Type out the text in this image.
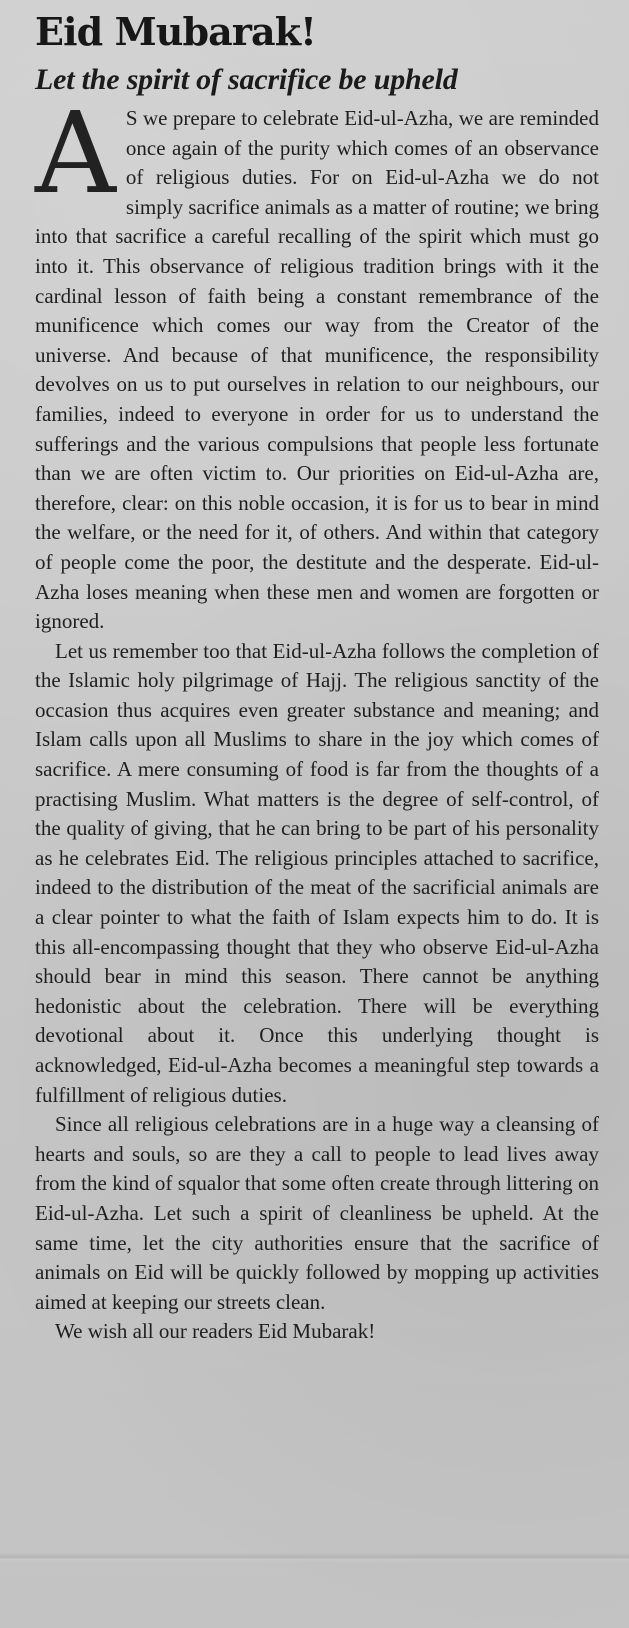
Eid Mubarak!
Let the spirit of sacrifice be upheld

A S we prepare to celebrate Eid-ul-Azha, we are reminded once again of the purity which comes of an observance of religious duties. For on Eid-ul-Azha we do not simply sacrifice animals as a matter of routine; we bring into that sacrifice a careful recalling of the spirit which must go into it. This observance of religious tradition brings with it the cardinal lesson of faith being a constant remembrance of the munificence which comes our way from the Creator of the universe. And because of that munificence, the responsibility devolves on us to put ourselves in relation to our neighbours, our families, indeed to everyone in order for us to understand the sufferings and the various compulsions that people less fortunate than we are often victim to. Our priorities on Eid-ul-Azha are, therefore, clear: on this noble occasion, it is for us to bear in mind the welfare, or the need for it, of others. And within that category of people come the poor, the destitute and the desperate. Eid-ul-Azha loses meaning when these men and women are forgotten or ignored.

Let us remember too that Eid-ul-Azha follows the completion of the Islamic holy pilgrimage of Hajj. The religious sanctity of the occasion thus acquires even greater substance and meaning; and Islam calls upon all Muslims to share in the joy which comes of sacrifice. A mere consuming of food is far from the thoughts of a practising Muslim. What matters is the degree of self-control, of the quality of giving, that he can bring to be part of his personality as he celebrates Eid. The religious principles attached to sacrifice, indeed to the distribution of the meat of the sacrificial animals are a clear pointer to what the faith of Islam expects him to do. It is this all-encompassing thought that they who observe Eid-ul-Azha should bear in mind this season. There cannot be anything hedonistic about the celebration. There will be everything devotional about it. Once this underlying thought is acknowledged, Eid-ul-Azha becomes a meaningful step towards a fulfillment of religious duties.

Since all religious celebrations are in a huge way a cleansing of hearts and souls, so are they a call to people to lead lives away from the kind of squalor that some often create through littering on Eid-ul-Azha. Let such a spirit of cleanliness be upheld. At the same time, let the city authorities ensure that the sacrifice of animals on Eid will be quickly followed by mopping up activities aimed at keeping our streets clean.

We wish all our readers Eid Mubarak!
